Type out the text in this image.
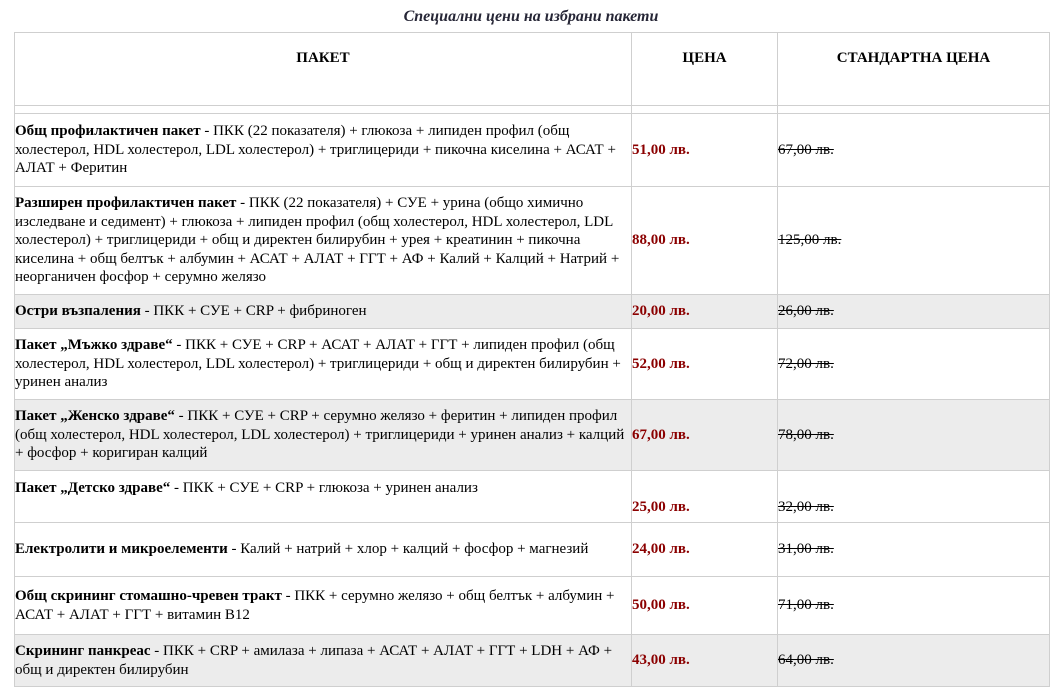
Специални цени на избрани пакети
ПАКЕТ	ЦЕНА	СТАНДАРТНА ЦЕНА

Общ профилактичен пакет - ПКК (22 показателя) + глюкоза + липиден профил (общ холестерол, HDL холестерол, LDL холестерол) + триглицериди + пикочна киселина + АСАТ + АЛАТ + Феритин	51,00 лв.	67,00 лв.
Разширен профилактичен пакет - ПКК (22 показателя) + СУЕ + урина (общо химично изследване и седимент) + глюкоза + липиден профил (общ холестерол, HDL холестерол, LDL холестерол) + триглицериди + общ и директен билирубин + урея + креатинин + пикочна киселина + общ белтък + албумин + АСАТ + АЛАТ + ГГТ + АФ + Калий + Калций + Натрий + неорганичен фосфор + серумно желязо	88,00 лв.	125,00 лв.
Остри възпаления - ПКК + СУЕ + CRP + фибриноген	20,00 лв.	26,00 лв.
Пакет „Мъжко здраве“ - ПКК + СУЕ + CRP + АСАТ + АЛАТ + ГГТ + липиден профил (общ холестерол, HDL холестерол, LDL холестерол) + триглицериди + общ и директен билирубин + уринен анализ	52,00 лв.	72,00 лв.
Пакет „Женско здраве“ - ПКК + СУЕ + CRP + серумно желязо + феритин + липиден профил (общ холестерол, HDL холестерол, LDL холестерол) + триглицериди + уринен анализ + калций + фосфор + коригиран калций	67,00 лв.	78,00 лв.
Пакет „Детско здраве“ - ПКК + СУЕ + CRP + глюкоза + уринен анализ	25,00 лв.	32,00 лв.
Електролити и микроелементи - Калий + натрий + хлор + калций + фосфор + магнезий	24,00 лв.	31,00 лв.
Общ скрининг стомашно-чревен тракт - ПКК + серумно желязо + общ белтък + албумин + АСАТ + АЛАТ + ГГТ + витамин В12	50,00 лв.	71,00 лв.
Скрининг панкреас - ПКК + CRP + амилаза + липаза + АСАТ + АЛАТ + ГГТ + LDH + АФ + общ и директен билирубин	43,00 лв.	64,00 лв.
